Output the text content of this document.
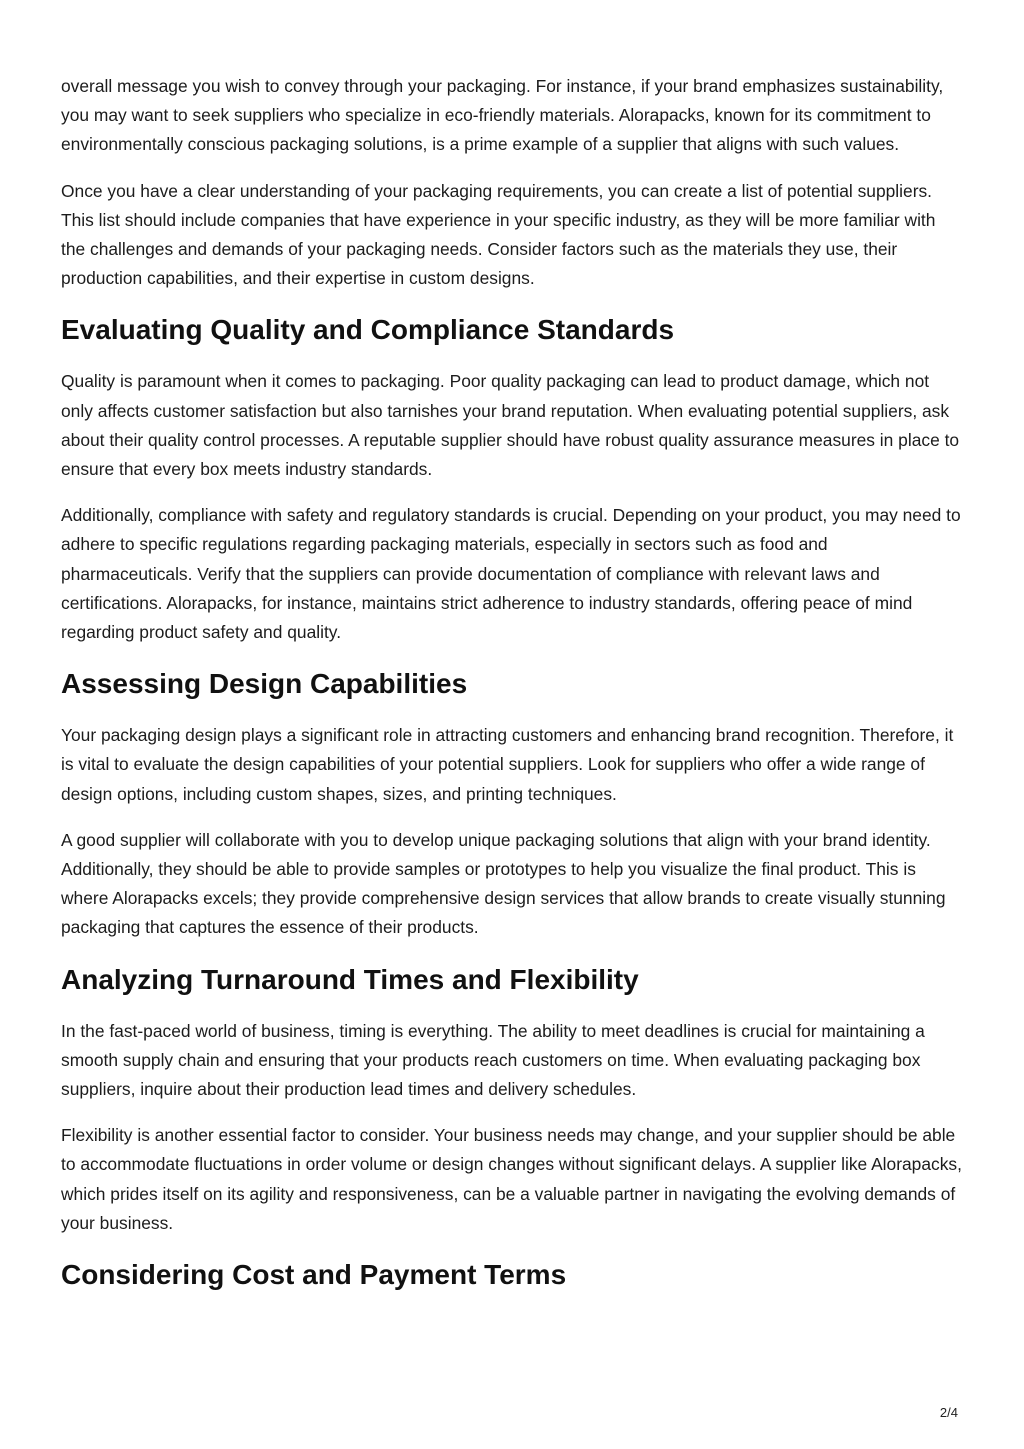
overall message you wish to convey through your packaging. For instance, if your brand emphasizes sustainability, you may want to seek suppliers who specialize in eco-friendly materials. Alorapacks, known for its commitment to environmentally conscious packaging solutions, is a prime example of a supplier that aligns with such values.

Once you have a clear understanding of your packaging requirements, you can create a list of potential suppliers. This list should include companies that have experience in your specific industry, as they will be more familiar with the challenges and demands of your packaging needs. Consider factors such as the materials they use, their production capabilities, and their expertise in custom designs.

Evaluating Quality and Compliance Standards

Quality is paramount when it comes to packaging. Poor quality packaging can lead to product damage, which not only affects customer satisfaction but also tarnishes your brand reputation. When evaluating potential suppliers, ask about their quality control processes. A reputable supplier should have robust quality assurance measures in place to ensure that every box meets industry standards.

Additionally, compliance with safety and regulatory standards is crucial. Depending on your product, you may need to adhere to specific regulations regarding packaging materials, especially in sectors such as food and pharmaceuticals. Verify that the suppliers can provide documentation of compliance with relevant laws and certifications. Alorapacks, for instance, maintains strict adherence to industry standards, offering peace of mind regarding product safety and quality.

Assessing Design Capabilities

Your packaging design plays a significant role in attracting customers and enhancing brand recognition. Therefore, it is vital to evaluate the design capabilities of your potential suppliers. Look for suppliers who offer a wide range of design options, including custom shapes, sizes, and printing techniques.

A good supplier will collaborate with you to develop unique packaging solutions that align with your brand identity. Additionally, they should be able to provide samples or prototypes to help you visualize the final product. This is where Alorapacks excels; they provide comprehensive design services that allow brands to create visually stunning packaging that captures the essence of their products.

Analyzing Turnaround Times and Flexibility

In the fast-paced world of business, timing is everything. The ability to meet deadlines is crucial for maintaining a smooth supply chain and ensuring that your products reach customers on time. When evaluating packaging box suppliers, inquire about their production lead times and delivery schedules.

Flexibility is another essential factor to consider. Your business needs may change, and your supplier should be able to accommodate fluctuations in order volume or design changes without significant delays. A supplier like Alorapacks, which prides itself on its agility and responsiveness, can be a valuable partner in navigating the evolving demands of your business.

Considering Cost and Payment Terms
2/4
